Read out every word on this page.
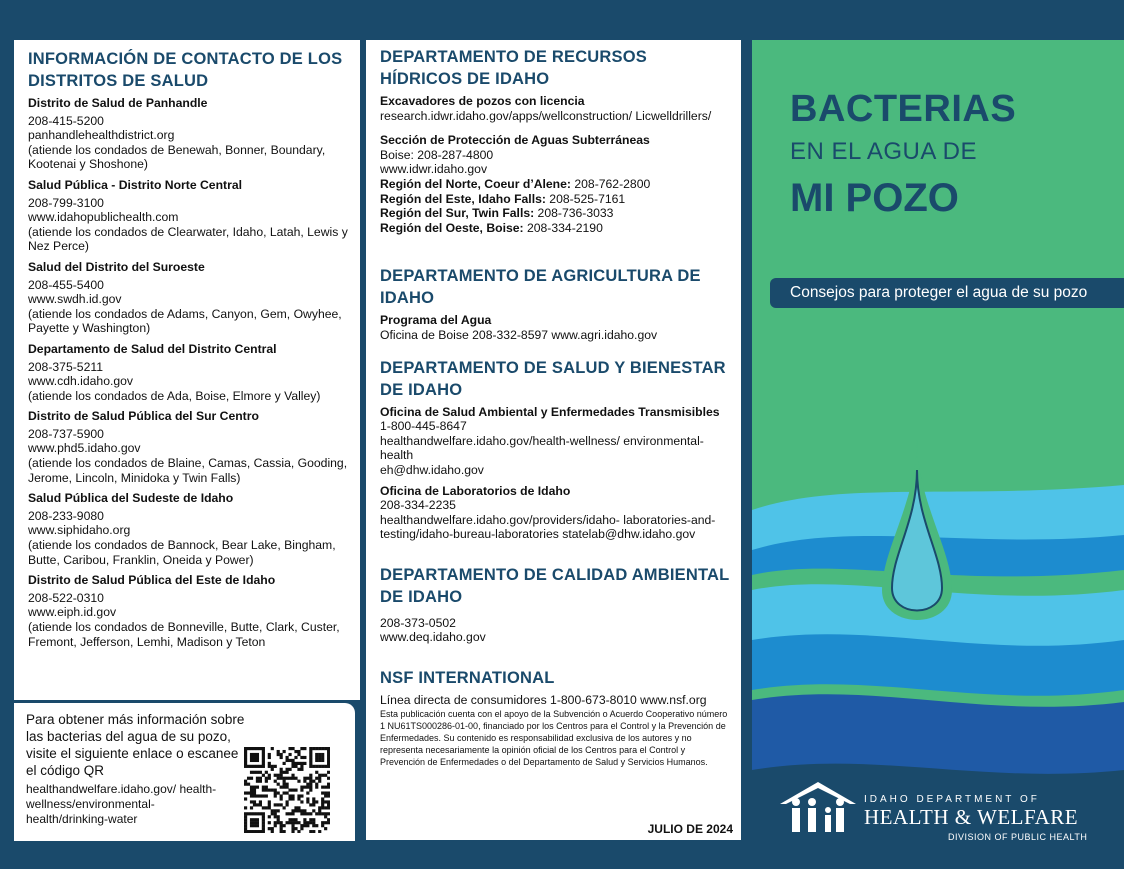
INFORMACIÓN DE CONTACTO DE LOS DISTRITOS DE SALUD
Distrito de Salud de Panhandle
208-415-5200
panhandlehealthdistrict.org
(atiende los condados de Benewah, Bonner, Boundary, Kootenai y Shoshone)
Salud Pública - Distrito Norte Central
208-799-3100
www.idahopublichealth.com
(atiende los condados de Clearwater, Idaho, Latah, Lewis y Nez Perce)
Salud del Distrito del Suroeste
208-455-5400
www.swdh.id.gov
(atiende los condados de Adams, Canyon, Gem, Owyhee, Payette y Washington)
Departamento de Salud del Distrito Central
208-375-5211
www.cdh.idaho.gov
(atiende los condados de Ada, Boise, Elmore y Valley)
Distrito de Salud Pública del Sur Centro
208-737-5900
www.phd5.idaho.gov
(atiende los condados de Blaine, Camas, Cassia, Gooding, Jerome, Lincoln, Minidoka y Twin Falls)
Salud Pública del Sudeste de Idaho
208-233-9080
www.siphidaho.org
(atiende los condados de Bannock, Bear Lake, Bingham, Butte, Caribou, Franklin, Oneida y Power)
Distrito de Salud Pública del Este de Idaho
208-522-0310
www.eiph.id.gov
(atiende los condados de Bonneville, Butte, Clark, Custer, Fremont, Jefferson, Lemhi, Madison y Teton
Para obtener más información sobre las bacterias del agua de su pozo, visite el siguiente enlace o escanee el código QR
healthandwelfare.idaho.gov/ health-wellness/environmental-health/drinking-water
DEPARTAMENTO DE RECURSOS HÍDRICOS DE IDAHO
Excavadores de pozos con licencia
research.idwr.idaho.gov/apps/wellconstruction/ Licwelldrillers/
Sección de Protección de Aguas Subterráneas
Boise: 208-287-4800
www.idwr.idaho.gov
Región del Norte, Coeur d’Alene: 208-762-2800
Región del Este, Idaho Falls: 208-525-7161
Región del Sur, Twin Falls: 208-736-3033
Región del Oeste, Boise: 208-334-2190
DEPARTAMENTO DE AGRICULTURA DE IDAHO
Programa del Agua
Oficina de Boise 208-332-8597 www.agri.idaho.gov
DEPARTAMENTO DE SALUD Y BIENESTAR DE IDAHO
Oficina de Salud Ambiental y Enfermedades Transmisibles
1-800-445-8647
healthandwelfare.idaho.gov/health-wellness/ environmental-health
eh@dhw.idaho.gov
Oficina de Laboratorios de Idaho
208-334-2235
healthandwelfare.idaho.gov/providers/idaho- laboratories-and-testing/idaho-bureau-laboratories statelab@dhw.idaho.gov
DEPARTAMENTO DE CALIDAD AMBIENTAL DE IDAHO
208-373-0502
www.deq.idaho.gov
NSF INTERNATIONAL
Línea directa de consumidores 1-800-673-8010 www.nsf.org
Esta publicación cuenta con el apoyo de la Subvención o Acuerdo Cooperativo número 1 NU61TS000286-01-00, financiado por los Centros para el Control y la Prevención de Enfermedades. Su contenido es responsabilidad exclusiva de los autores y no representa necesariamente la opinión oficial de los Centros para el Control y Prevención de Enfermedades o del Departamento de Salud y Servicios Humanos.
JULIO DE 2024
BACTERIAS
EN EL AGUA DE
MI POZO
Consejos para proteger el agua de su pozo
IDAHO DEPARTMENT OF
HEALTH & WELFARE
DIVISION OF PUBLIC HEALTH
